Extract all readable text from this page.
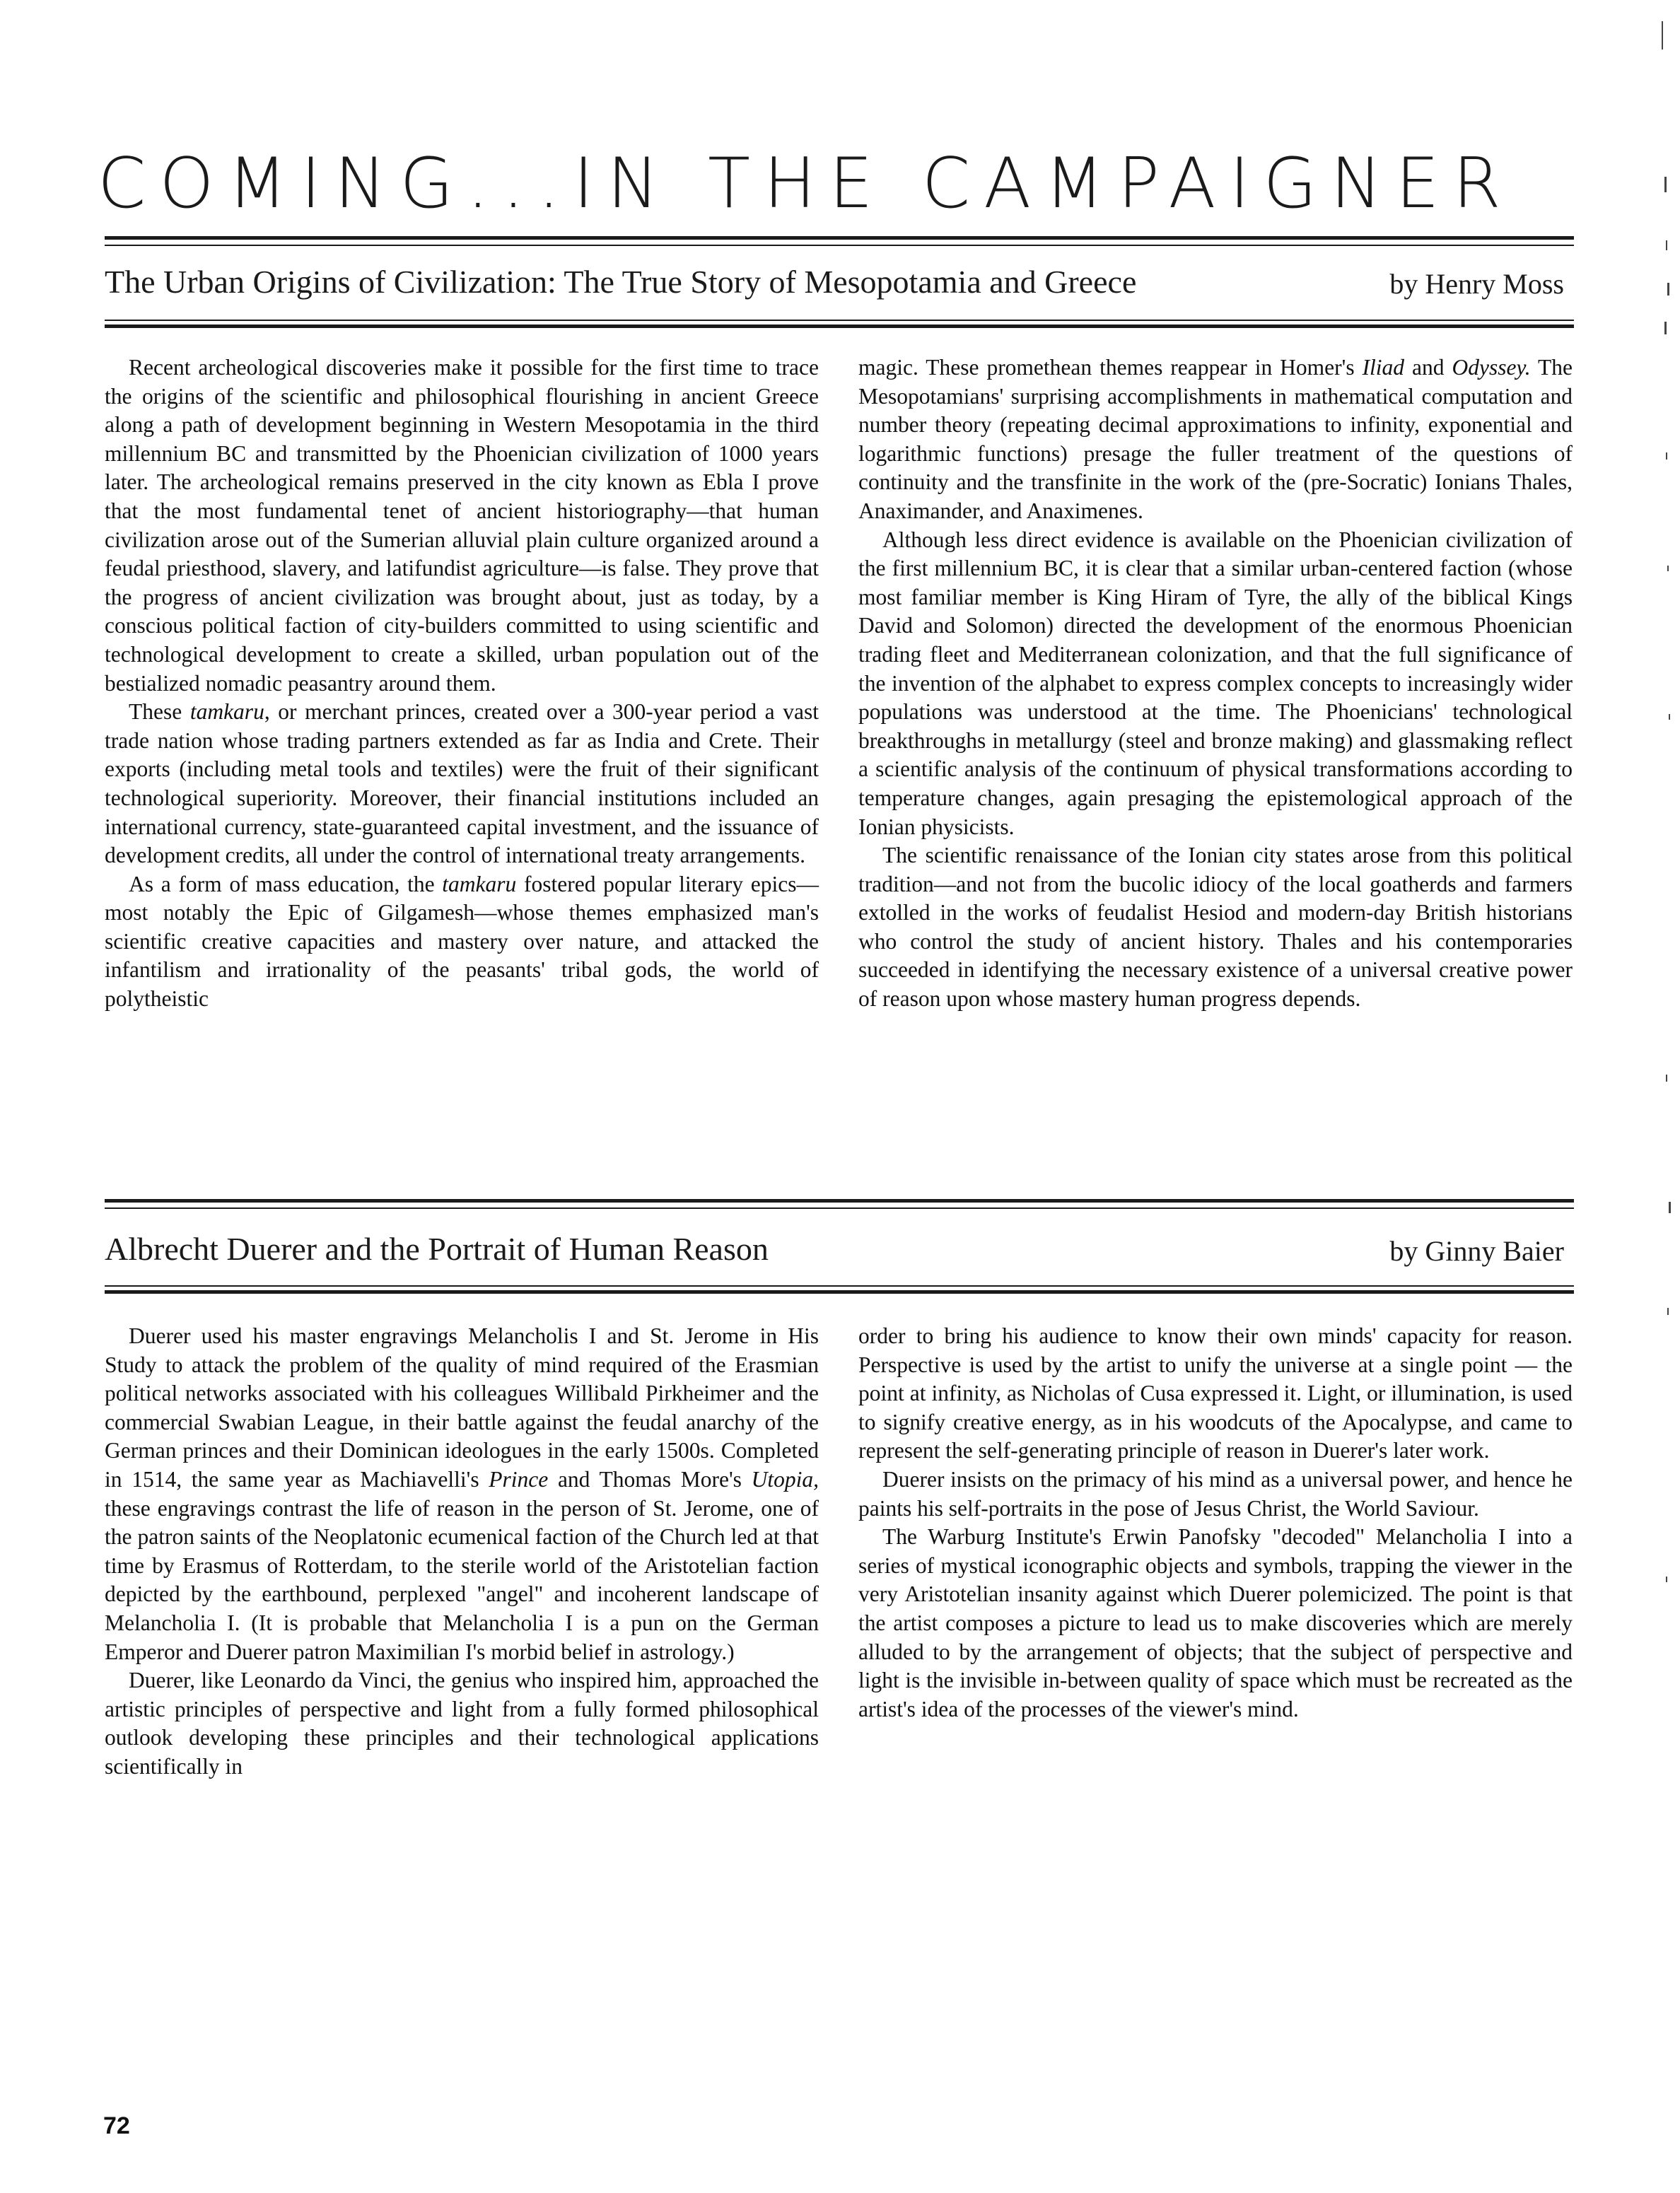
COMING...IN THE CAMPAIGNER
The Urban Origins of Civilization: The True Story of Mesopotamia and Greece	by Henry Moss

Recent archeological discoveries make it possible for the first time to trace the origins of the scientific and philosophical flourishing in ancient Greece along a path of development beginning in Western Mesopotamia in the third millennium BC and transmitted by the Phoenician civilization of 1000 years later. The archeological remains preserved in the city known as Ebla I prove that the most fundamental tenet of ancient historiography—that human civilization arose out of the Sumerian alluvial plain culture organized around a feudal priesthood, slavery, and latifundist agriculture—is false. They prove that the progress of ancient civilization was brought about, just as today, by a conscious political faction of city-builders committed to using scientific and technological development to create a skilled, urban population out of the bestialized nomadic peasantry around them.

These tamkaru, or merchant princes, created over a 300-year period a vast trade nation whose trading partners extended as far as India and Crete. Their exports (including metal tools and textiles) were the fruit of their significant technological superiority. Moreover, their financial institutions included an international currency, state-guaranteed capital investment, and the issuance of development credits, all under the control of international treaty arrangements.

As a form of mass education, the tamkaru fostered popular literary epics—most notably the Epic of Gilgamesh—whose themes emphasized man's scientific creative capacities and mastery over nature, and attacked the infantilism and irrationality of the peasants' tribal gods, the world of polytheistic

magic. These promethean themes reappear in Homer's Iliad and Odyssey. The Mesopotamians' surprising accomplishments in mathematical computation and number theory (repeating decimal approximations to infinity, exponential and logarithmic functions) presage the fuller treatment of the questions of continuity and the transfinite in the work of the (pre-Socratic) Ionians Thales, Anaximander, and Anaximenes.

Although less direct evidence is available on the Phoenician civilization of the first millennium BC, it is clear that a similar urban-centered faction (whose most familiar member is King Hiram of Tyre, the ally of the biblical Kings David and Solomon) directed the development of the enormous Phoenician trading fleet and Mediterranean colonization, and that the full significance of the invention of the alphabet to express complex concepts to increasingly wider populations was understood at the time. The Phoenicians' technological breakthroughs in metallurgy (steel and bronze making) and glassmaking reflect a scientific analysis of the continuum of physical transformations according to temperature changes, again presaging the epistemological approach of the Ionian physicists.

The scientific renaissance of the Ionian city states arose from this political tradition—and not from the bucolic idiocy of the local goatherds and farmers extolled in the works of feudalist Hesiod and modern-day British historians who control the study of ancient history. Thales and his contemporaries succeeded in identifying the necessary existence of a universal creative power of reason upon whose mastery human progress depends.

Albrecht Duerer and the Portrait of Human Reason	by Ginny Baier

Duerer used his master engravings Melancholis I and St. Jerome in His Study to attack the problem of the quality of mind required of the Erasmian political networks associated with his colleagues Willibald Pirkheimer and the commercial Swabian League, in their battle against the feudal anarchy of the German princes and their Dominican ideologues in the early 1500s. Completed in 1514, the same year as Machiavelli's Prince and Thomas More's Utopia, these engravings contrast the life of reason in the person of St. Jerome, one of the patron saints of the Neoplatonic ecumenical faction of the Church led at that time by Erasmus of Rotterdam, to the sterile world of the Aristotelian faction depicted by the earthbound, perplexed "angel" and incoherent landscape of Melancholia I. (It is probable that Melancholia I is a pun on the German Emperor and Duerer patron Maximilian I's morbid belief in astrology.)

Duerer, like Leonardo da Vinci, the genius who inspired him, approached the artistic principles of perspective and light from a fully formed philosophical outlook developing these principles and their technological applications scientifically in

order to bring his audience to know their own minds' capacity for reason. Perspective is used by the artist to unify the universe at a single point — the point at infinity, as Nicholas of Cusa expressed it. Light, or illumination, is used to signify creative energy, as in his woodcuts of the Apocalypse, and came to represent the self-generating principle of reason in Duerer's later work.

Duerer insists on the primacy of his mind as a universal power, and hence he paints his self-portraits in the pose of Jesus Christ, the World Saviour.

The Warburg Institute's Erwin Panofsky "decoded" Melancholia I into a series of mystical iconographic objects and symbols, trapping the viewer in the very Aristotelian insanity against which Duerer polemicized. The point is that the artist composes a picture to lead us to make discoveries which are merely alluded to by the arrangement of objects; that the subject of perspective and light is the invisible in-between quality of space which must be recreated as the artist's idea of the processes of the viewer's mind.

72
